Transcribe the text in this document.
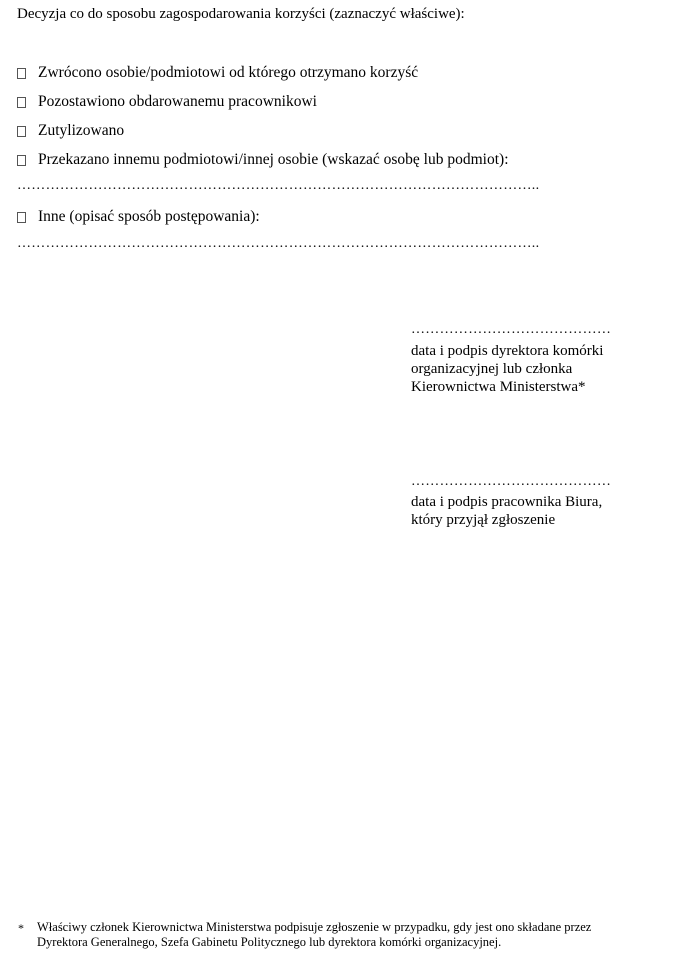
Decyzja co do sposobu zagospodarowania korzyści (zaznaczyć właściwe):
Zwrócono osobie/podmiotowi od którego otrzymano korzyść
Pozostawiono obdarowanemu pracownikowi
Zutylizowano
Przekazano innemu podmiotowi/innej osobie (wskazać osobę lub podmiot):
………………………………………………………………………………………………..
Inne (opisać sposób postępowania):
………………………………………………………………………………………………..
……………………………………
data i podpis dyrektora komórki
organizacyjnej lub członka
Kierownictwa Ministerstwa*
……………………………………
data i podpis pracownika Biura,
który przyjął zgłoszenie
* Właściwy członek Kierownictwa Ministerstwa podpisuje zgłoszenie w przypadku, gdy jest ono składane przez
Dyrektora Generalnego, Szefa Gabinetu Politycznego lub dyrektora komórki organizacyjnej.
